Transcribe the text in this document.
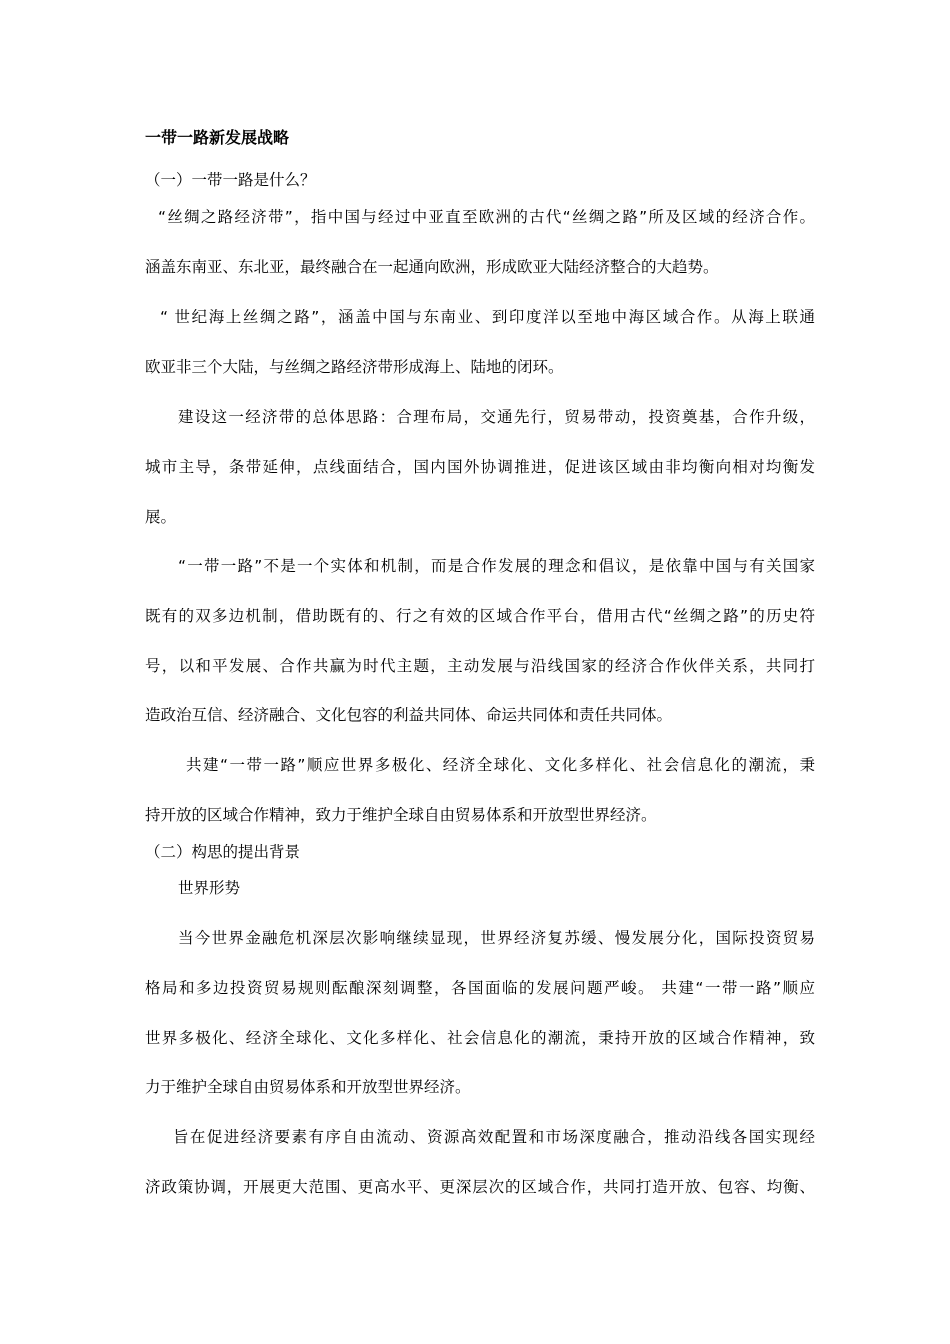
一带一路新发展战略
（一）一带一路是什么？
“丝绸之路经济带”，指中国与经过中亚直至欧洲的古代“丝绸之路”所及区域的经济合作。
涵盖东南亚、东北亚，最终融合在一起通向欧洲，形成欧亚大陆经济整合的大趋势。
“ 世纪海上丝绸之路”，涵盖中国与东南业、到印度洋以至地中海区域合作。从海上联通
欧亚非三个大陆，与丝绸之路经济带形成海上、陆地的闭环。
建设这一经济带的总体思路：合理布局，交通先行，贸易带动，投资奠基，合作升级，
城市主导，条带延伸，点线面结合，国内国外协调推进，促进该区域由非均衡向相对均衡发
展。
“一带一路”不是一个实体和机制，而是合作发展的理念和倡议，是依靠中国与有关国家
既有的双多边机制，借助既有的、行之有效的区域合作平台，借用古代“丝绸之路”的历史符
号，以和平发展、合作共赢为时代主题，主动发展与沿线国家的经济合作伙伴关系，共同打
造政治互信、经济融合、文化包容的利益共同体、命运共同体和责任共同体。
共建“一带一路”顺应世界多极化、经济全球化、文化多样化、社会信息化的潮流，秉
持开放的区域合作精神，致力于维护全球自由贸易体系和开放型世界经济。
（二）构思的提出背景
世界形势
当今世界金融危机深层次影响继续显现，世界经济复苏缓、慢发展分化，国际投资贸易
格局和多边投资贸易规则酝酿深刻调整，各国面临的发展问题严峻。 共建“一带一路”顺应
世界多极化、经济全球化、文化多样化、社会信息化的潮流，秉持开放的区域合作精神，致
力于维护全球自由贸易体系和开放型世界经济。
旨在促进经济要素有序自由流动、资源高效配置和市场深度融合，推动沿线各国实现经
济政策协调，开展更大范围、更高水平、更深层次的区域合作，共同打造开放、包容、均衡、
